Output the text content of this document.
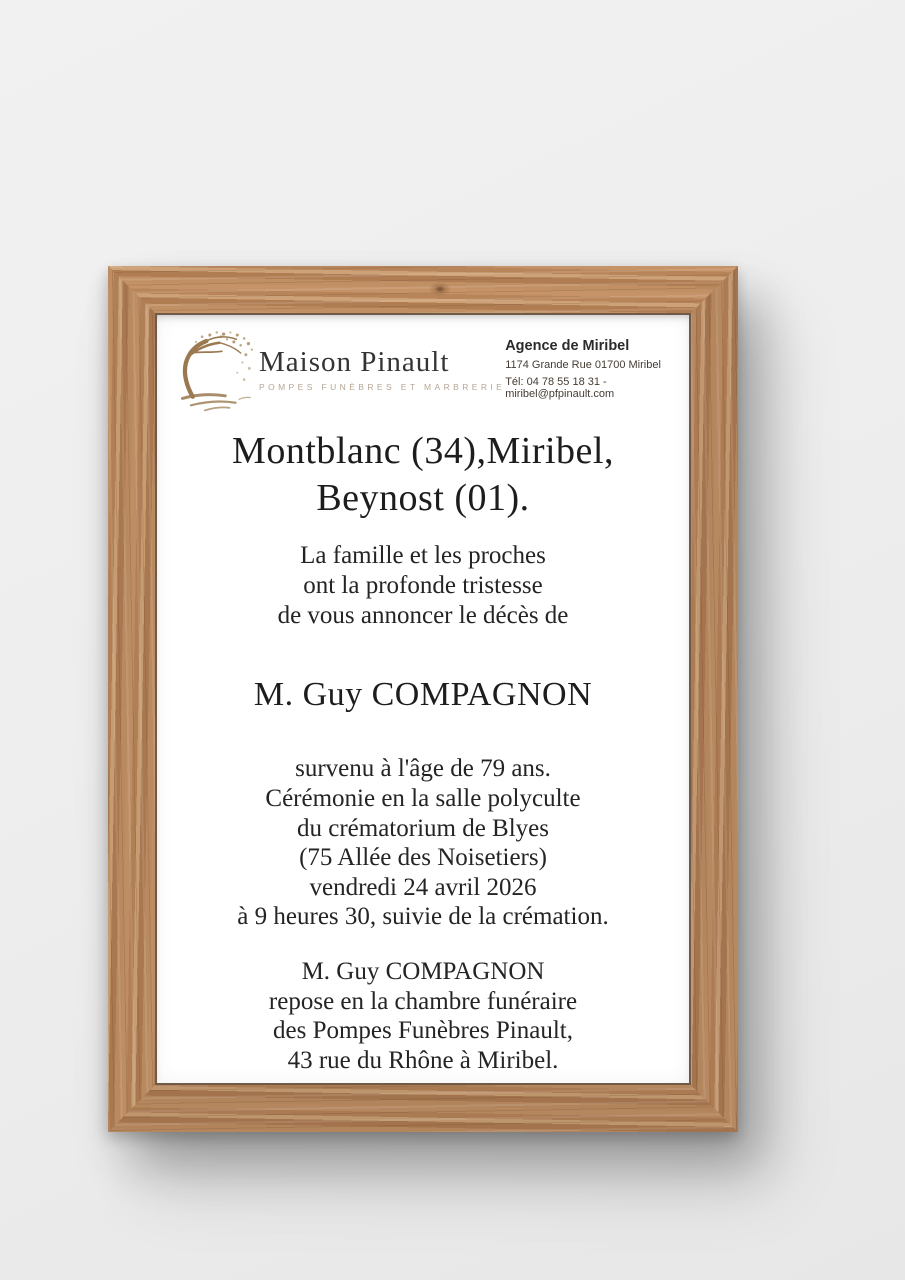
Maison Pinault
POMPES FUNÈBRES ET MARBRERIE
Agence de Miribel
1174 Grande Rue 01700 Miribel
Tél: 04 78 55 18 31 - miribel@pfpinault.com
Montblanc (34),Miribel,
Beynost (01).

La famille et les proches
ont la profonde tristesse
de vous annoncer le décès de

M. Guy COMPAGNON

survenu à l'âge de 79 ans.
Cérémonie en la salle polyculte
du crématorium de Blyes
(75 Allée des Noisetiers)
vendredi 24 avril 2026
à 9 heures 30, suivie de la crémation.

M. Guy COMPAGNON
repose en la chambre funéraire
des Pompes Funèbres Pinault,
43 rue du Rhône à Miribel.
